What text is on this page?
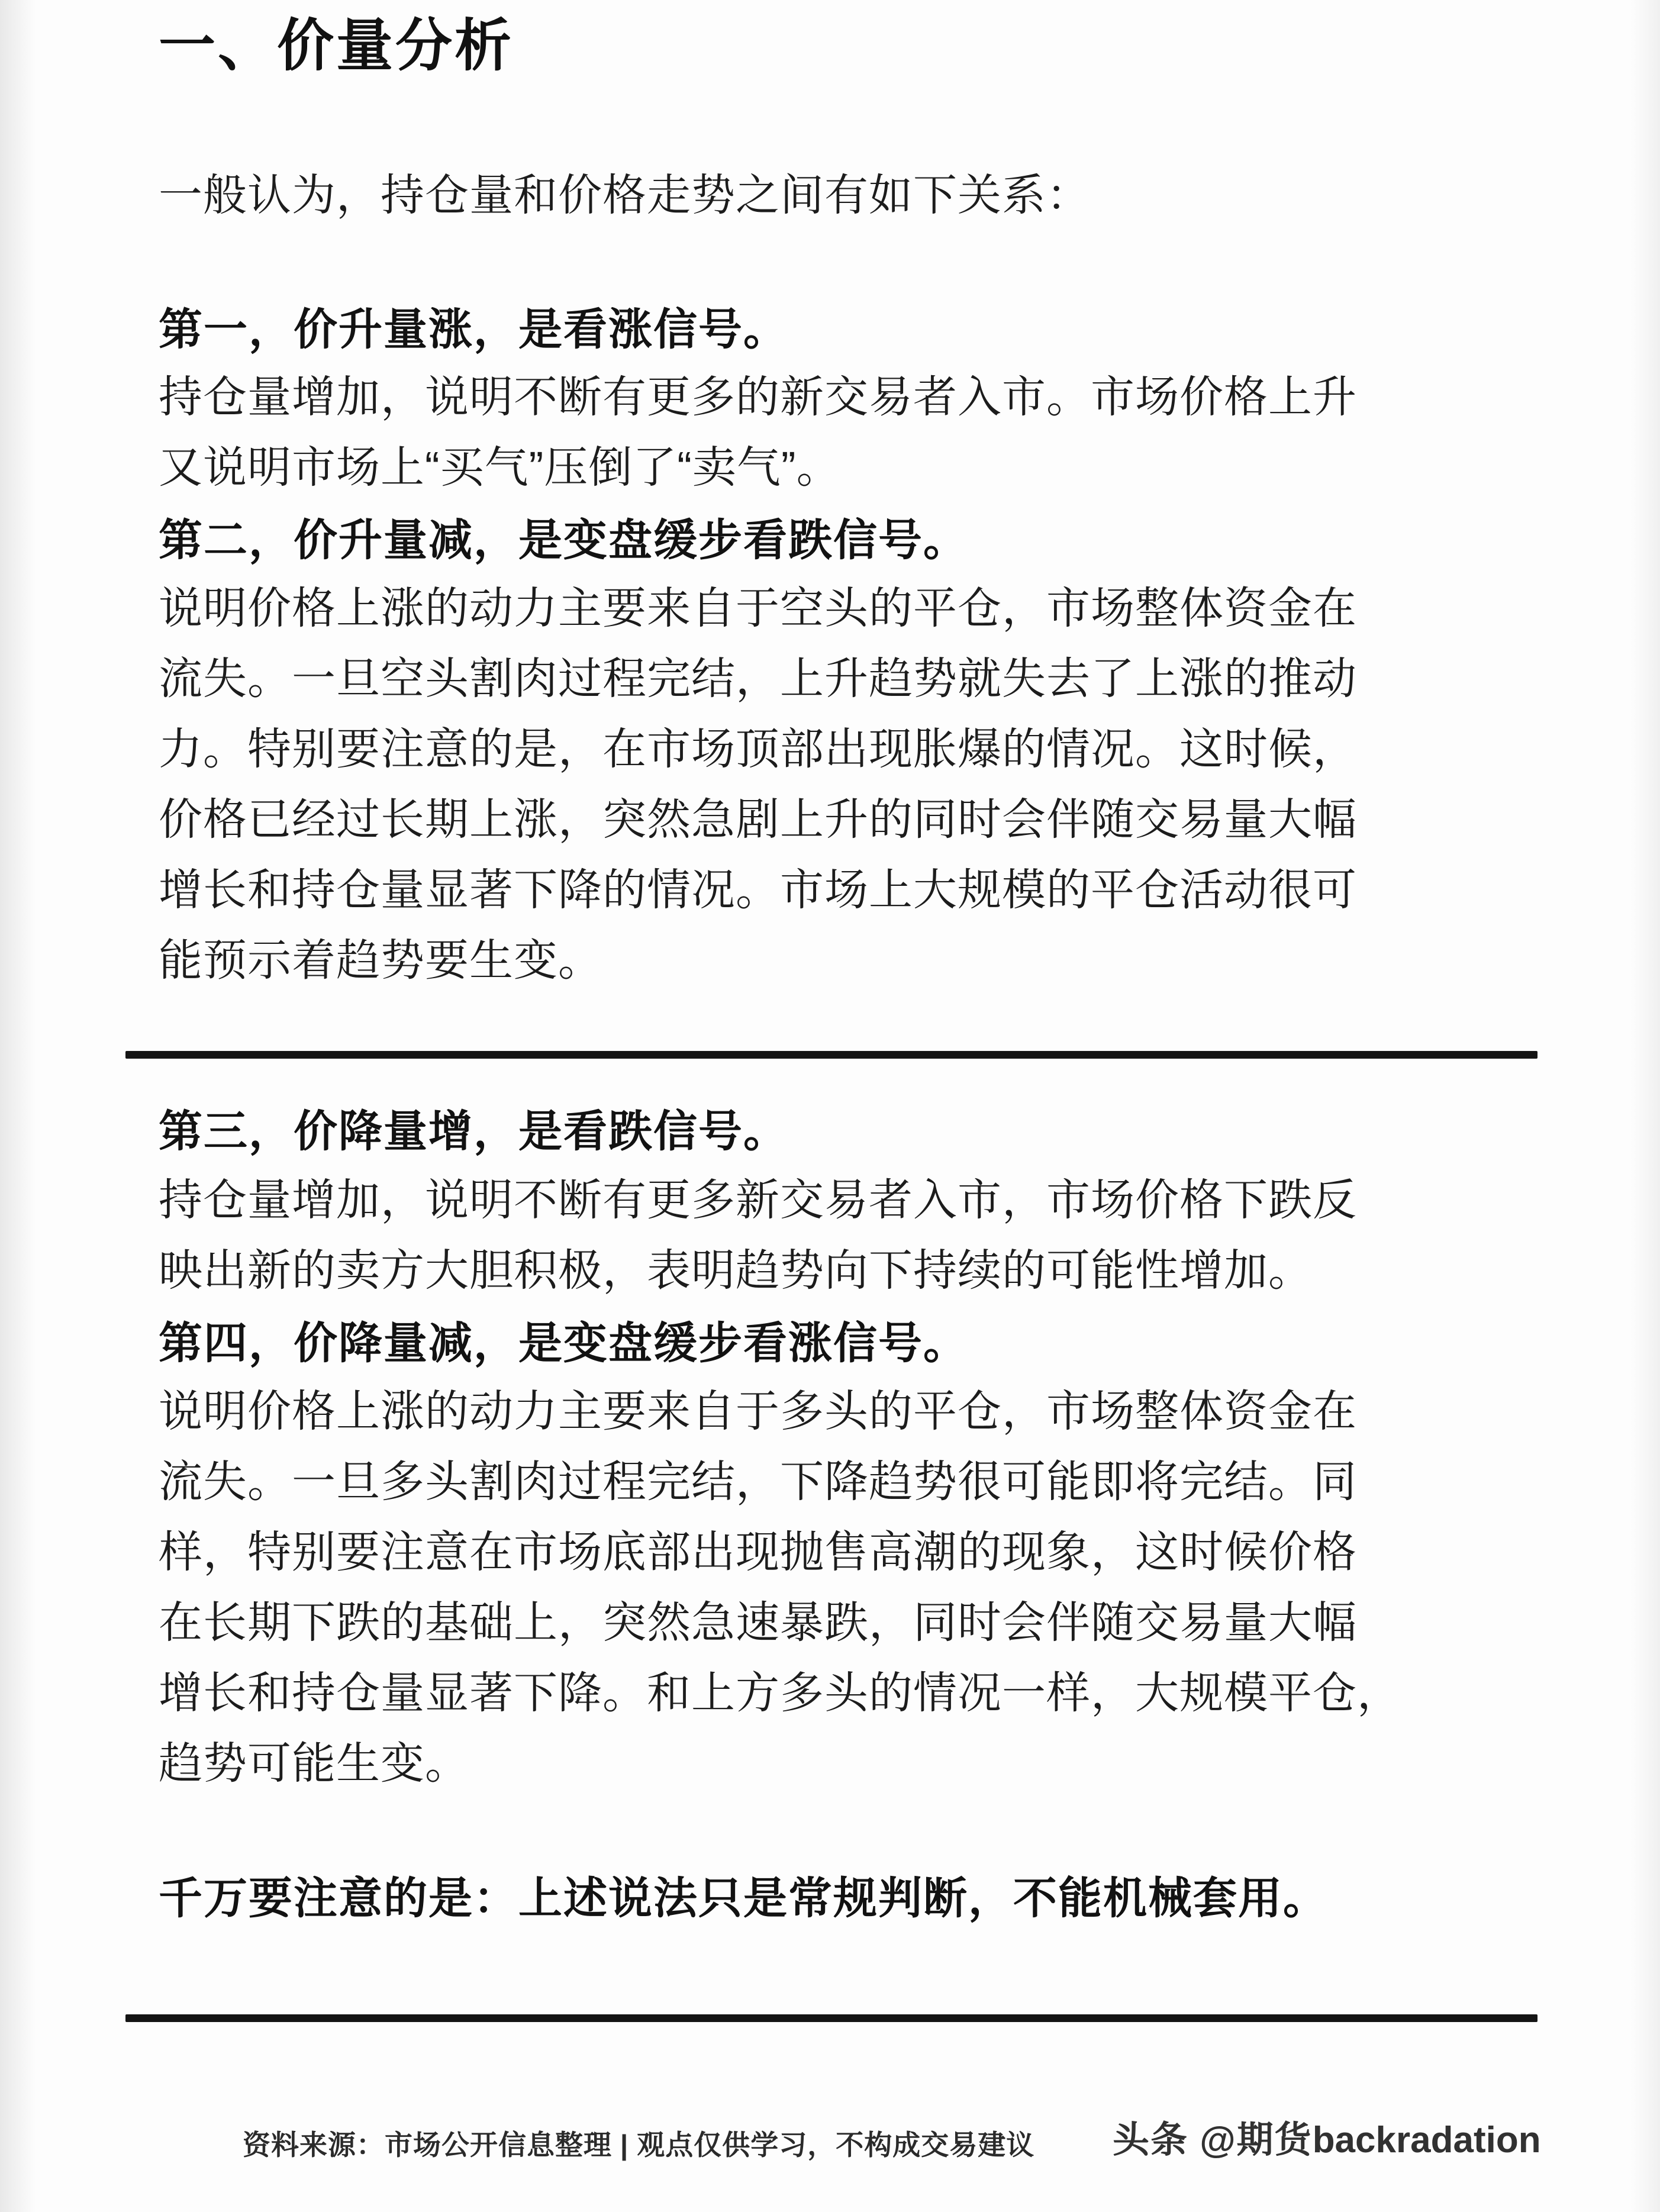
一、价量分析
一般认为，持仓量和价格走势之间有如下关系：
第一，价升量涨，是看涨信号。
持仓量增加，说明不断有更多的新交易者入市。市场价格上升
又说明市场上“买气”压倒了“卖气”。
第二，价升量减，是变盘缓步看跌信号。
说明价格上涨的动力主要来自于空头的平仓，市场整体资金在
流失。一旦空头割肉过程完结，上升趋势就失去了上涨的推动
力。特别要注意的是，在市场顶部出现胀爆的情况。这时候，
价格已经过长期上涨，突然急剧上升的同时会伴随交易量大幅
增长和持仓量显著下降的情况。市场上大规模的平仓活动很可
能预示着趋势要生变。
第三，价降量增，是看跌信号。
持仓量增加，说明不断有更多新交易者入市，市场价格下跌反
映出新的卖方大胆积极，表明趋势向下持续的可能性增加。
第四，价降量减，是变盘缓步看涨信号。
说明价格上涨的动力主要来自于多头的平仓，市场整体资金在
流失。一旦多头割肉过程完结，下降趋势很可能即将完结。同
样，特别要注意在市场底部出现抛售高潮的现象，这时候价格
在长期下跌的基础上，突然急速暴跌，同时会伴随交易量大幅
增长和持仓量显著下降。和上方多头的情况一样，大规模平仓，
趋势可能生变。
千万要注意的是：上述说法只是常规判断，不能机械套用。
资料来源：市场公开信息整理 | 观点仅供学习，不构成交易建议 头条 @期货backradation
